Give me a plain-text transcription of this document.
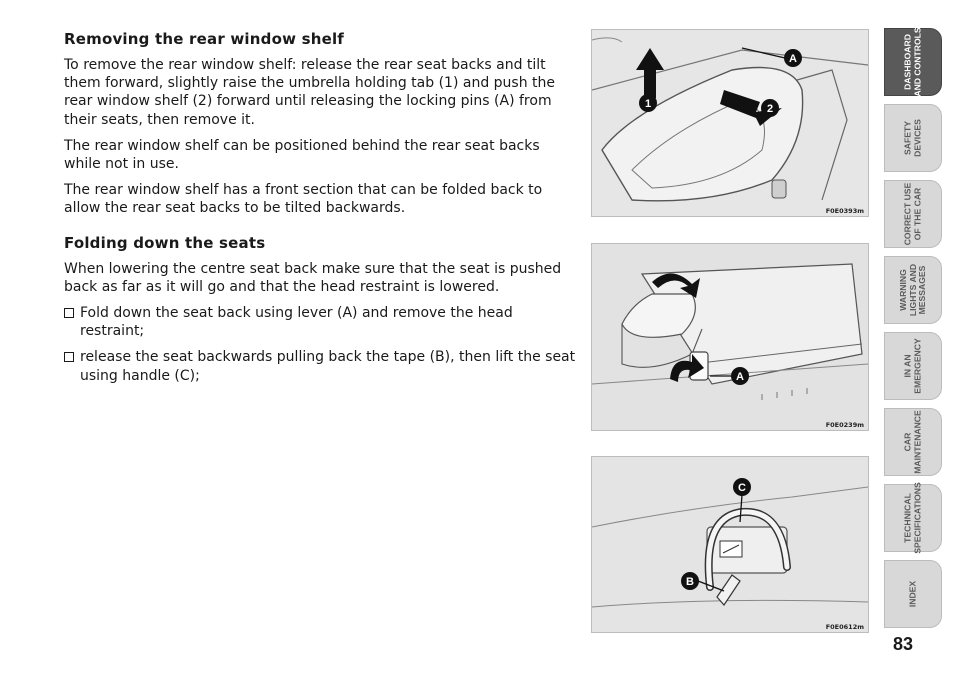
Removing the rear window shelf

To remove the rear window shelf: release the rear seat backs and tilt them forward, slightly raise the umbrella holding tab (1) and push the rear window shelf (2) forward until releasing the locking pins (A) from their seats, then remove it.

The rear window shelf can be positioned behind the rear seat backs while not in use.

The rear window shelf has a front section that can be folded back to allow the rear seat backs to be tilted backwards.

Folding down the seats

When lowering the centre seat back make sure that the seat is pushed back as far as it will go and that the head restraint is lowered.

Fold down the seat back using lever (A) and remove the head restraint;
release the seat backwards pulling back the tape (B), then lift the seat using handle (C);
A
1	2
F0E0393m
A
F0E0239m
C
B
F0E0612m
DASHBOARD
AND CONTROLS
SAFETY
DEVICES
CORRECT USE
OF THE CAR
WARNING
LIGHTS AND
MESSAGES
IN AN
EMERGENCY
CAR
MAINTENANCE
TECHNICAL
SPECIFICATIONS
INDEX
83
